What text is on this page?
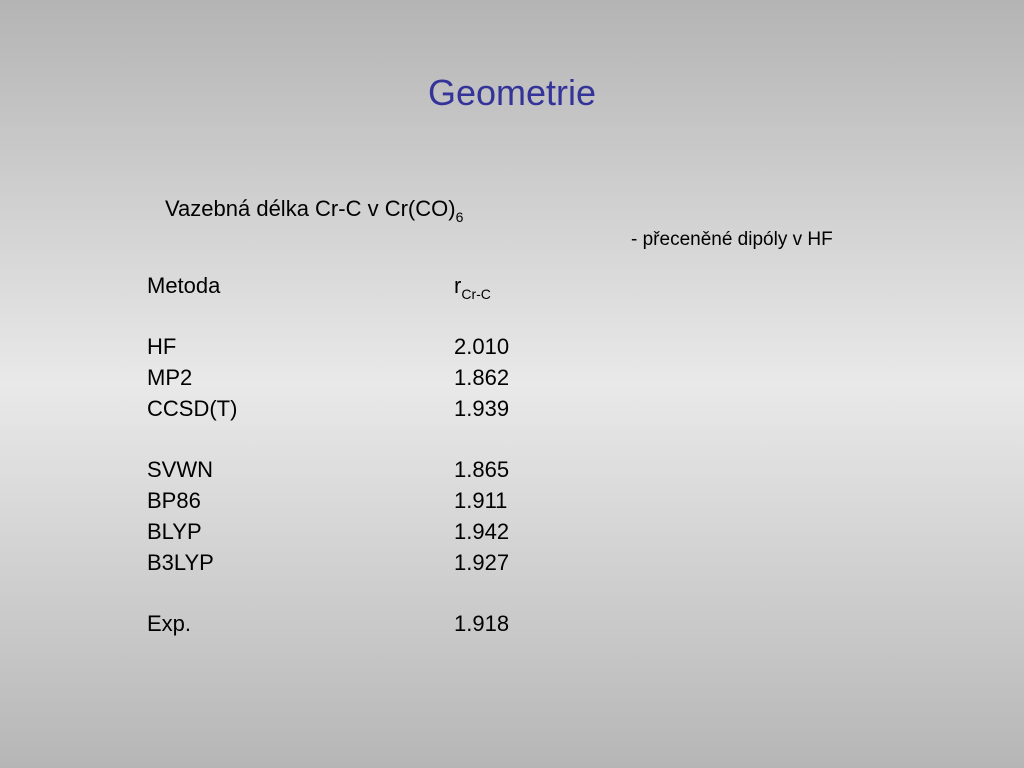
Geometrie
Vazebná délka Cr-C v $Cr(CO)_6$
- přeceněné dipóly v HF
Metoda	$r_{Cr-C}$
HF	2.010
MP2	1.862
CCSD(T)	1.939
SVWN	1.865
BP86	1.911
BLYP	1.942
B3LYP	1.927
Exp.	1.918
